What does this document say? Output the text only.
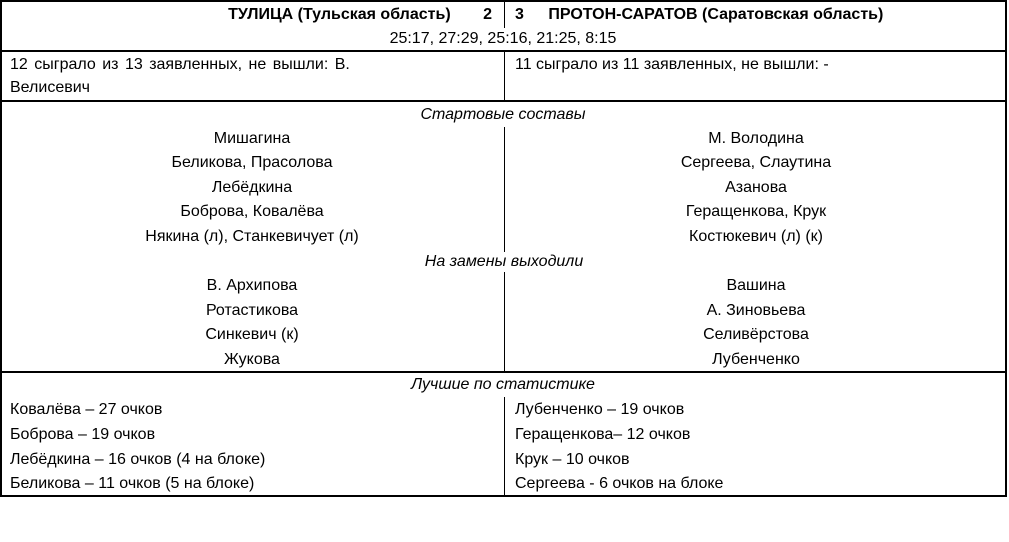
ТУЛИЦА (Тульская область) 2 3 ПРОТОН-САРАТОВ (Саратовская область)
25:17, 27:29, 25:16, 21:25, 8:15
12 сыграло из 13 заявленных, не вышли: В.
Велисевич
11 сыграло из 11 заявленных, не вышли: -
Стартовые составы
Мишагина
Беликова, Прасолова
Лебёдкина
Боброва, Ковалёва
Някина (л), Станкевичует (л)
М. Володина
Сергеева, Слаутина
Азанова
Геращенкова, Крук
Костюкевич (л) (к)
На замены выходили
В. Архипова
Ротастикова
Синкевич (к)
Жукова
Вашина
А. Зиновьева
Селивёрстова
Лубенченко
Лучшие по статистике
Ковалёва – 27 очков
Боброва – 19 очков
Лебёдкина – 16 очков (4 на блоке)
Беликова – 11 очков (5 на блоке)
Лубенченко – 19 очков
Геращенкова– 12 очков
Крук – 10 очков
Сергеева - 6 очков на блоке
